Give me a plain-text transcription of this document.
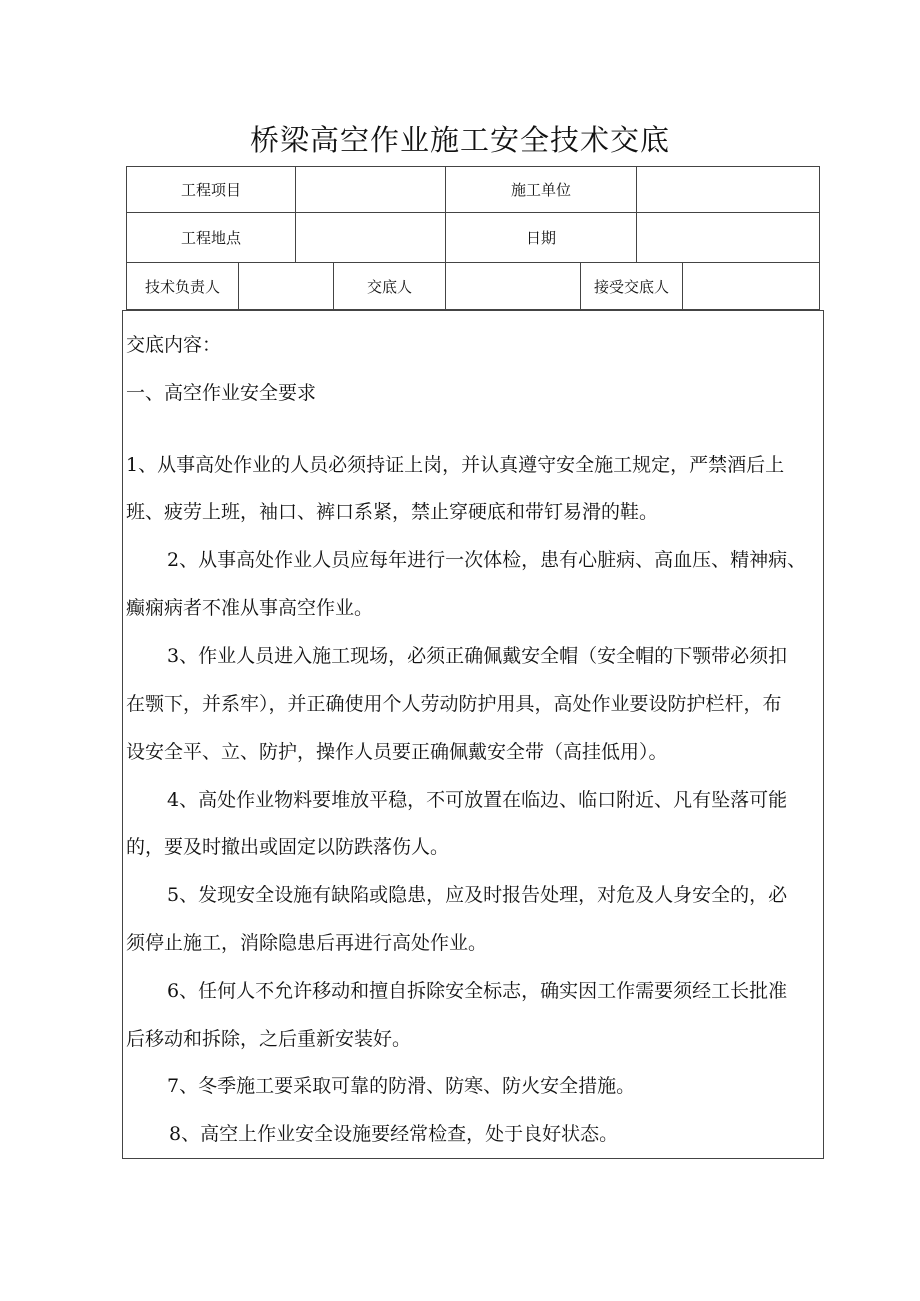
桥梁高空作业施工安全技术交底
工程项目	施工单位
工程地点	日期
技术负责人	交底人	接受交底人
交底内容：
一、高空作业安全要求
1、从事高处作业的人员必须持证上岗，并认真遵守安全施工规定，严禁酒后上
班、疲劳上班，袖口、裤口系紧，禁止穿硬底和带钉易滑的鞋。
2、从事高处作业人员应每年进行一次体检，患有心脏病、高血压、精神病、
癫痫病者不准从事高空作业。
3、作业人员进入施工现场，必须正确佩戴安全帽（安全帽的下颚带必须扣
在颚下，并系牢），并正确使用个人劳动防护用具，高处作业要设防护栏杆，布
设安全平、立、防护，操作人员要正确佩戴安全带（高挂低用）。
4、高处作业物料要堆放平稳，不可放置在临边、临口附近、凡有坠落可能
的，要及时撤出或固定以防跌落伤人。
5、发现安全设施有缺陷或隐患，应及时报告处理，对危及人身安全的，必
须停止施工，消除隐患后再进行高处作业。
6、任何人不允许移动和擅自拆除安全标志，确实因工作需要须经工长批准
后移动和拆除，之后重新安装好。
7、冬季施工要采取可靠的防滑、防寒、防火安全措施。
8、高空上作业安全设施要经常检查，处于良好状态。
